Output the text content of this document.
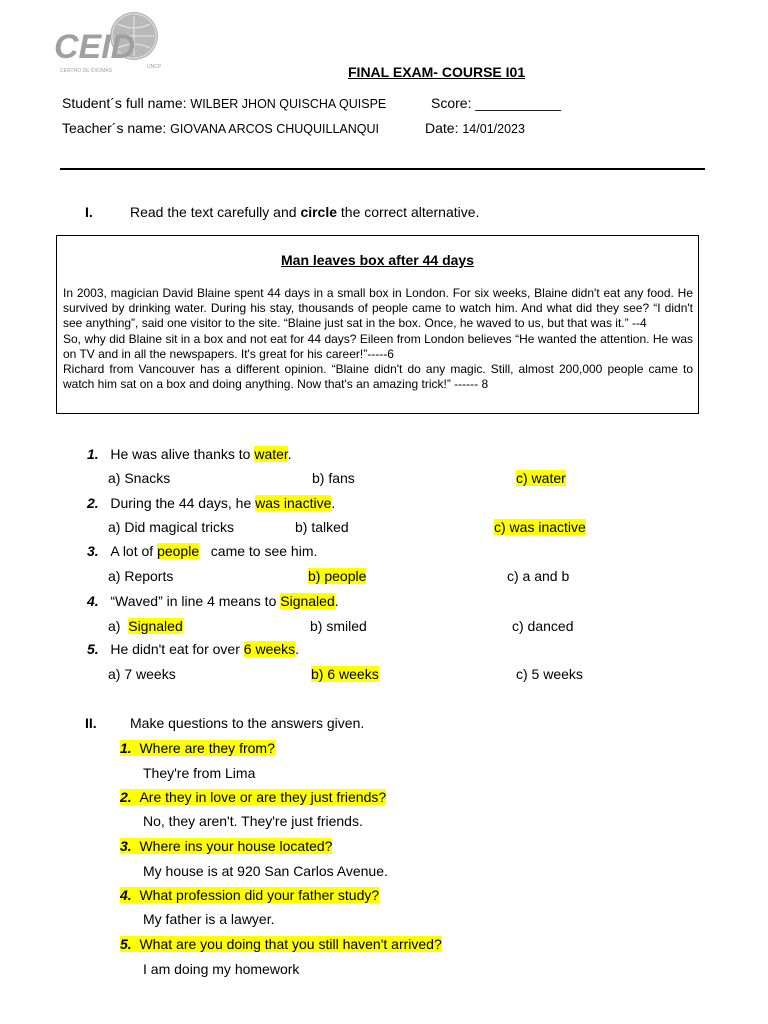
CEID
CENTRO DE IDIOMAS
UNCP	FINAL EXAM- COURSE I01
Student´s full name: WILBER JHON QUISCHA QUISPE	Score: ___________
Teacher´s name: GIOVANA ARCOS CHUQUILLANQUI	Date: 14/01/2023
I.	Read the text carefully and circle the correct alternative.
Man leaves box after 44 days
In 2003, magician David Blaine spent 44 days in a small box in London. For six weeks, Blaine didn't eat any food. He survived by drinking water. During his stay, thousands of people came to watch him. And what did they see? “I didn't see anything”, said one visitor to the site. “Blaine just sat in the box. Once, he waved to us, but that was it.” --4
So, why did Blaine sit in a box and not eat for 44 days? Eileen from London believes “He wanted the attention. He was on TV and in all the newspapers. It's great for his career!”-----6
Richard from Vancouver has a different opinion. “Blaine didn't do any magic. Still, almost 200,000 people came to watch him sat on a box and doing anything. Now that's an amazing trick!” ------ 8
1. He was alive thanks to water.
a) Snacks	b) fans	c) water
2. During the 44 days, he was inactive.
a) Did magical tricks	b) talked	c) was inactive
3. A lot of people   came to see him.
a) Reports	b) people	c) a and b
4. “Waved” in line 4 means to Signaled.
a)  Signaled	b) smiled	c) danced
5. He didn't eat for over 6 weeks.
a) 7 weeks	b) 6 weeks	c) 5 weeks
II. Make questions to the answers given.
1. Where are they from?
They're from Lima
2. Are they in love or are they just friends?
No, they aren't. They're just friends.
3. Where ins your house located?
My house is at 920 San Carlos Avenue.
4. What profession did your father study?
My father is a lawyer.
5. What are you doing that you still haven't arrived?
I am doing my homework
